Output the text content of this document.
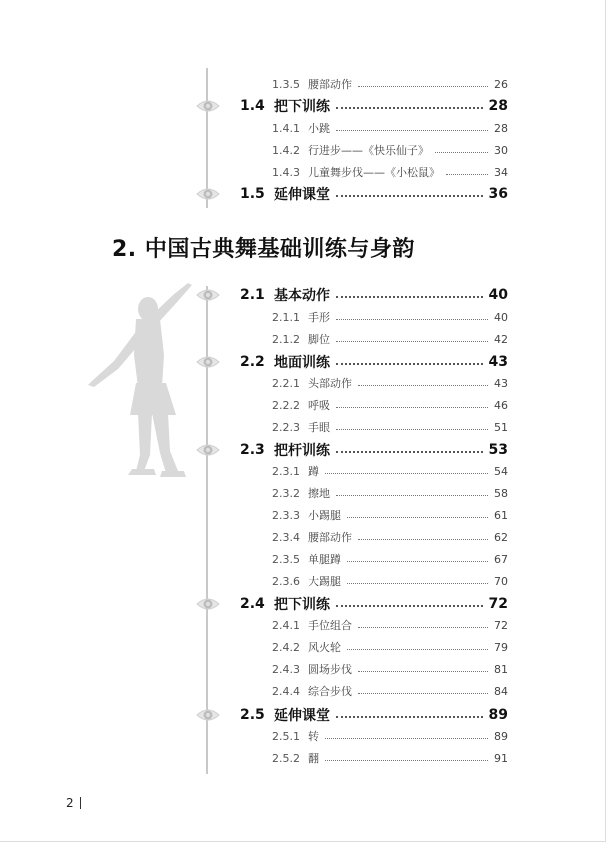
2. 中国古典舞基础训练与身韵
1.3.5 腰部动作	26
1.4 把下训练	28
1.4.1 小跳	28
1.4.2 行进步——《快乐仙子》	30
1.4.3 儿童舞步伐——《小松鼠》	34
1.5 延伸课堂	36
2.1 基本动作	40
2.1.1 手形	40
2.1.2 脚位	42
2.2 地面训练	43
2.2.1 头部动作	43
2.2.2 呼吸	46
2.2.3 手眼	51
2.3 把杆训练	53
2.3.1 蹲	54
2.3.2 擦地	58
2.3.3 小踢腿	61
2.3.4 腰部动作	62
2.3.5 单腿蹲	67
2.3.6 大踢腿	70
2.4 把下训练	72
2.4.1 手位组合	72
2.4.2 风火轮	79
2.4.3 圆场步伐	81
2.4.4 综合步伐	84
2.5 延伸课堂	89
2.5.1 转	89
2.5.2 翻	91
2
